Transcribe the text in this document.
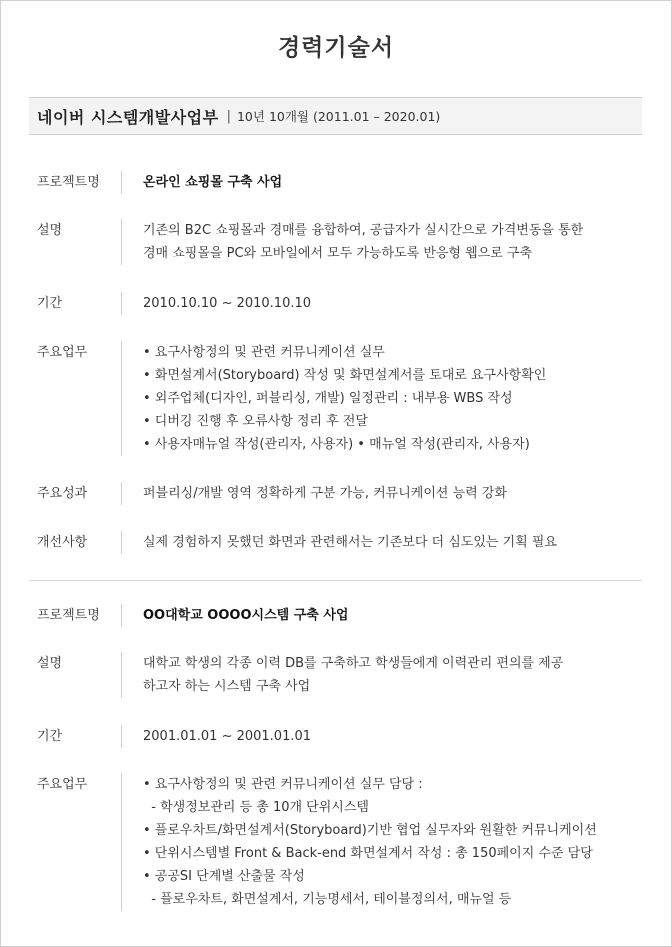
경력기술서
네이버 시스템개발사업부 | 10년 10개월 (2011.01 – 2020.01)
프로젝트명	온라인 쇼핑몰 구축 사업
설명	기존의 B2C 쇼핑몰과 경매를 융합하여, 공급자가 실시간으로 가격변동을 통한
경매 쇼핑몰을 PC와 모바일에서 모두 가능하도록 반응형 웹으로 구축
기간	2010.10.10 ~ 2010.10.10
주요업무	• 요구사항정의 및 관련 커뮤니케이션 실무
• 화면설계서(Storyboard) 작성 및 화면설계서를 토대로 요구사항확인
• 외주업체(디자인, 퍼블리싱, 개발) 일정관리 : 내부용 WBS 작성
• 디버깅 진행 후 오류사항 정리 후 전달
• 사용자매뉴얼 작성(관리자, 사용자) • 매뉴얼 작성(관리자, 사용자)
주요성과	퍼블리싱/개발 영역 정확하게 구분 가능, 커뮤니케이션 능력 강화
개선사항	실제 경험하지 못했던 화면과 관련해서는 기존보다 더 심도있는 기획 필요
프로젝트명	OO대학교 OOOO시스템 구축 사업
설명	대학교 학생의 각종 이력 DB를 구축하고 학생들에게 이력관리 편의를 제공
하고자 하는 시스템 구축 사업
기간	2001.01.01 ~ 2001.01.01
주요업무	• 요구사항정의 및 관련 커뮤니케이션 실무 담당 :
- 학생정보관리 등 총 10개 단위시스템
• 플로우차트/화면설계서(Storyboard)기반 협업 실무자와 원활한 커뮤니케이션
• 단위시스템별 Front & Back-end 화면설계서 작성 : 총 150페이지 수준 담당
• 공공SI 단계별 산출물 작성
- 플로우차트, 화면설계서, 기능명세서, 테이블정의서, 매뉴얼 등
